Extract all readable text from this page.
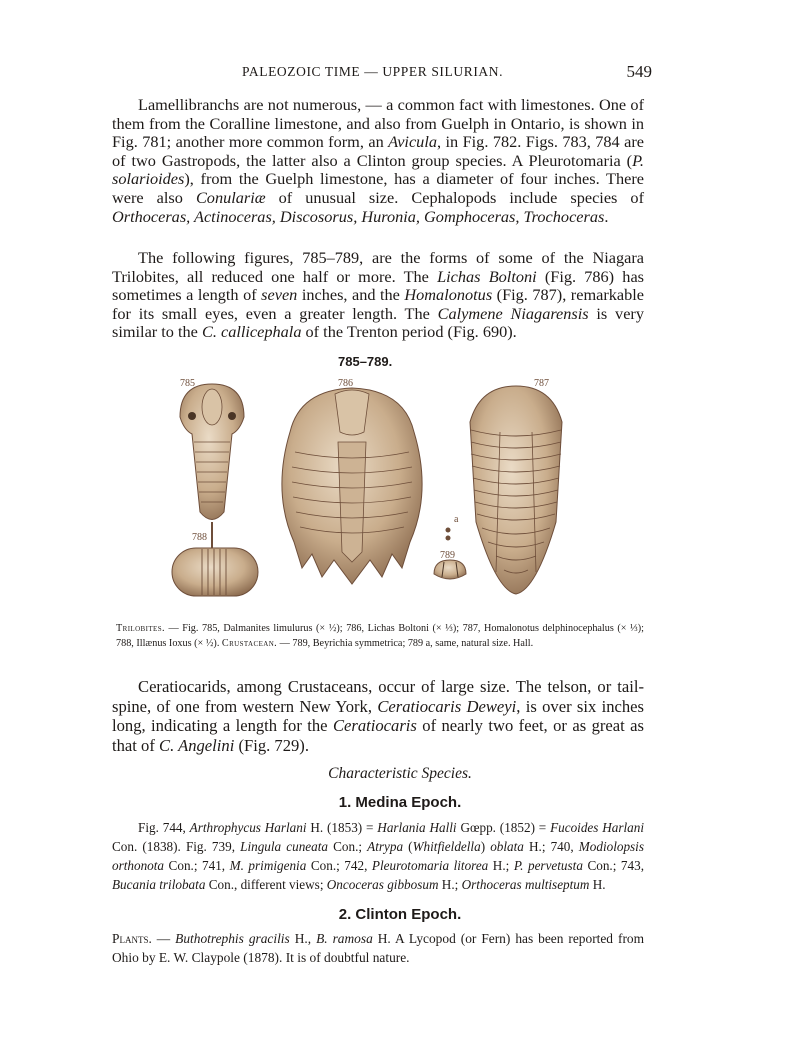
PALEOZOIC TIME — UPPER SILURIAN.	549

Lamellibranchs are not numerous, — a common fact with limestones. One of them from the Coralline limestone, and also from Guelph in Ontario, is shown in Fig. 781; another more common form, an Avicula, in Fig. 782. Figs. 783, 784 are of two Gastropods, the latter also a Clinton group species. A Pleurotomaria (P. solarioides), from the Guelph limestone, has a diameter of four inches. There were also Conulariæ of unusual size. Cephalopods include species of Orthoceras, Actinoceras, Discosorus, Huronia, Gomphoceras, Trochoceras.

The following figures, 785–789, are the forms of some of the Niagara Trilobites, all reduced one half or more. The Lichas Boltoni (Fig. 786) has sometimes a length of seven inches, and the Homalonotus (Fig. 787), remarkable for its small eyes, even a greater length. The Calymene Niagarensis is very similar to the C. callicephala of the Trenton period (Fig. 690).

785–789.
785
788
786	787
789
a

Trilobites. — Fig. 785, Dalmanites limulurus (× ½); 786, Lichas Boltoni (× ⅓); 787, Homalonotus delphinocephalus (× ⅓); 788, Illænus Ioxus (× ½). Crustacean. — 789, Beyrichia symmetrica; 789 a, same, natural size. Hall.

Ceratiocarids, among Crustaceans, occur of large size. The telson, or tail-spine, of one from western New York, Ceratiocaris Deweyi, is over six inches long, indicating a length for the Ceratiocaris of nearly two feet, or as great as that of C. Angelini (Fig. 729).

Characteristic Species.

1. Medina Epoch.

Fig. 744, Arthrophycus Harlani H. (1853) = Harlania Halli Gœpp. (1852) = Fucoides Harlani Con. (1838). Fig. 739, Lingula cuneata Con.; Atrypa (Whitfieldella) oblata H.; 740, Modiolopsis orthonota Con.; 741, M. primigenia Con.; 742, Pleurotomaria litorea H.; P. pervetusta Con.; 743, Bucania trilobata Con., different views; Oncoceras gibbosum H.; Orthoceras multiseptum H.

2. Clinton Epoch.

Plants. — Buthotrephis gracilis H., B. ramosa H. A Lycopod (or Fern) has been reported from Ohio by E. W. Claypole (1878). It is of doubtful nature.
